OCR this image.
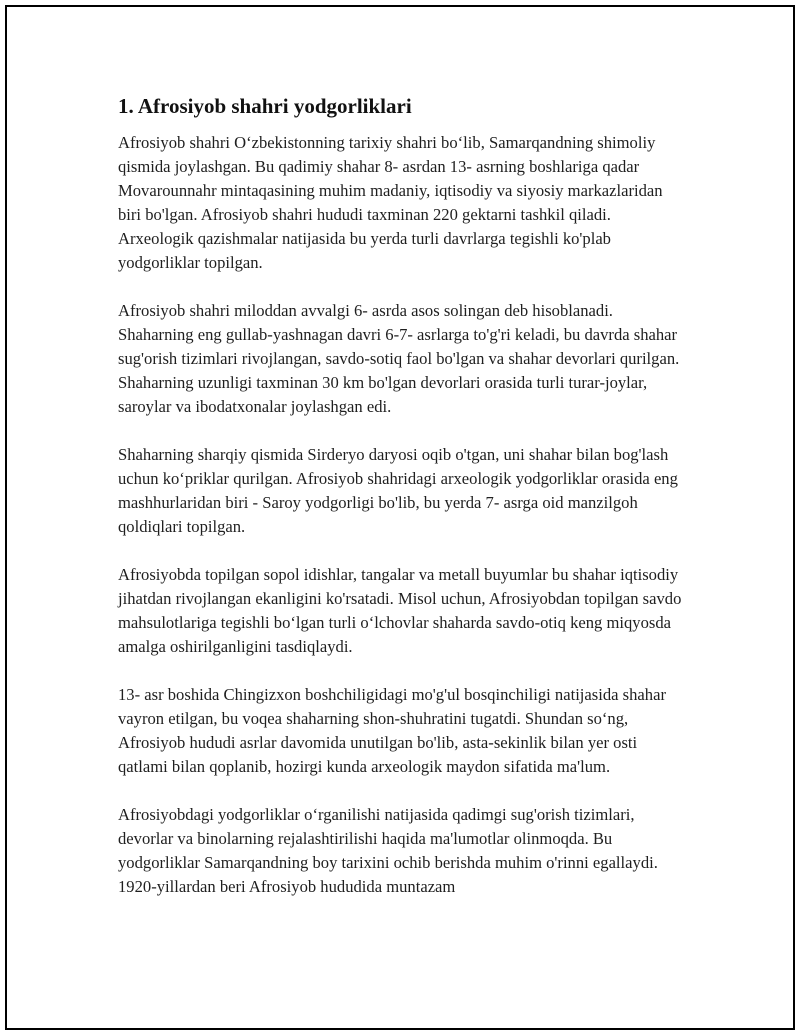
1. Afrosiyob shahri yodgorliklari

Afrosiyob shahri O‘zbekistonning tarixiy shahri bo‘lib, Samarqandning shimoliy qismida joylashgan. Bu qadimiy shahar 8- asrdan 13- asrning boshlariga qadar Movarounnahr mintaqasining muhim madaniy, iqtisodiy va siyosiy markazlaridan biri bo'lgan. Afrosiyob shahri hududi taxminan 220 gektarni tashkil qiladi. Arxeologik qazishmalar natijasida bu yerda turli davrlarga tegishli ko'plab yodgorliklar topilgan.

Afrosiyob shahri miloddan avvalgi 6- asrda asos solingan deb hisoblanadi. Shaharning eng gullab-yashnagan davri 6-7- asrlarga to'g'ri keladi, bu davrda shahar sug'orish tizimlari rivojlangan, savdo-sotiq faol bo'lgan va shahar devorlari qurilgan. Shaharning uzunligi taxminan 30 km bo'lgan devorlari orasida turli turar-joylar, saroylar va ibodatxonalar joylashgan edi.

Shaharning sharqiy qismida Sirderyo daryosi oqib o'tgan, uni shahar bilan bog'lash uchun ko‘priklar qurilgan. Afrosiyob shahridagi arxeologik yodgorliklar orasida eng mashhurlaridan biri - Saroy yodgorligi bo'lib, bu yerda 7- asrga oid manzilgoh qoldiqlari topilgan.

Afrosiyobda topilgan sopol idishlar, tangalar va metall buyumlar bu shahar iqtisodiy jihatdan rivojlangan ekanligini ko'rsatadi. Misol uchun, Afrosiyobdan topilgan savdo mahsulotlariga tegishli bo‘lgan turli o‘lchovlar shaharda savdo-otiq keng miqyosda amalga oshirilganligini tasdiqlaydi.

13- asr boshida Chingizxon boshchiligidagi mo'g'ul bosqinchiligi natijasida shahar vayron etilgan, bu voqea shaharning shon-shuhratini tugatdi. Shundan so‘ng, Afrosiyob hududi asrlar davomida unutilgan bo'lib, asta-sekinlik bilan yer osti qatlami bilan qoplanib, hozirgi kunda arxeologik maydon sifatida ma'lum.

Afrosiyobdagi yodgorliklar o‘rganilishi natijasida qadimgi sug'orish tizimlari, devorlar va binolarning rejalashtirilishi haqida ma'lumotlar olinmoqda. Bu yodgorliklar Samarqandning boy tarixini ochib berishda muhim o'rinni egallaydi. 1920-yillardan beri Afrosiyob hududida muntazam
